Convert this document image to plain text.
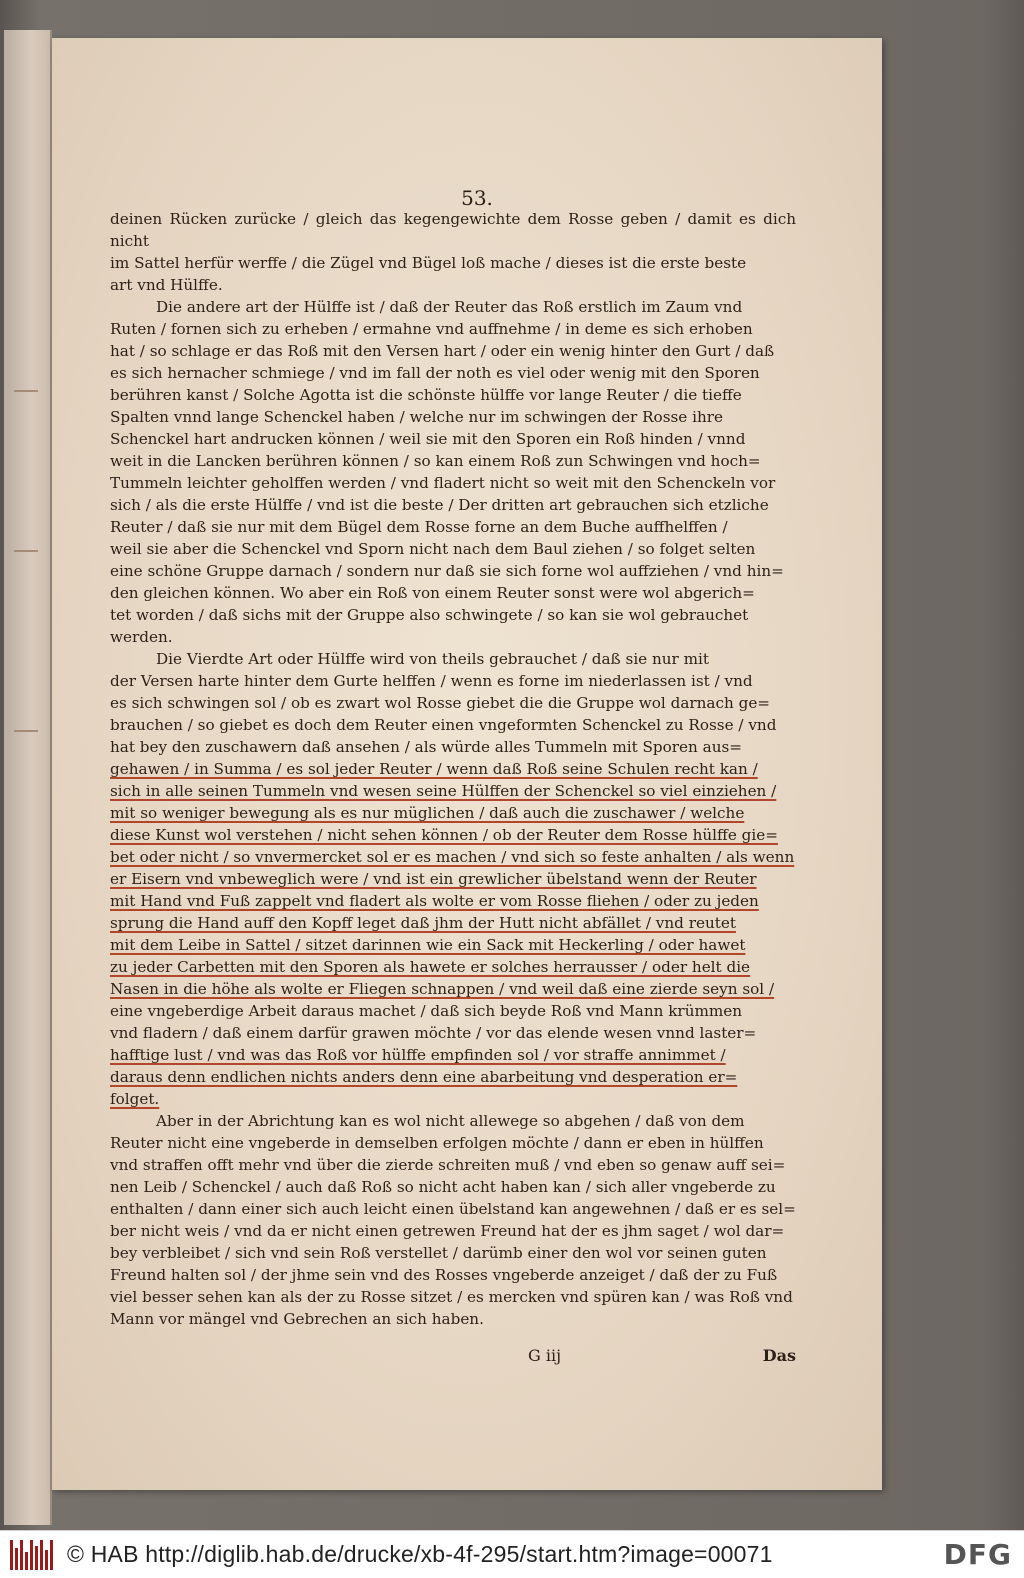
53.

deinen Rücken zurücke / gleich das kegengewichte dem Rosse geben / damit es dich nicht

im Sattel herfür werffe / die Zügel vnd Bügel loß mache / dieses ist die erste beste

art vnd Hülffe.

Die andere art der Hülffe ist / daß der Reuter das Roß erstlich im Zaum vnd

Ruten / fornen sich zu erheben / ermahne vnd auffnehme / in deme es sich erhoben

hat / so schlage er das Roß mit den Versen hart / oder ein wenig hinter den Gurt / daß

es sich hernacher schmiege / vnd im fall der noth es viel oder wenig mit den Sporen

berühren kanst / Solche Agotta ist die schönste hülffe vor lange Reuter / die tieffe

Spalten vnnd lange Schenckel haben / welche nur im schwingen der Rosse ihre

Schenckel hart andrucken können / weil sie mit den Sporen ein Roß hinden / vnnd

weit in die Lancken berühren können / so kan einem Roß zun Schwingen vnd hoch=

Tummeln leichter geholffen werden / vnd fladert nicht so weit mit den Schenckeln vor

sich / als die erste Hülffe / vnd ist die beste / Der dritten art gebrauchen sich etzliche

Reuter / daß sie nur mit dem Bügel dem Rosse forne an dem Buche auffhelffen /

weil sie aber die Schenckel vnd Sporn nicht nach dem Baul ziehen / so folget selten

eine schöne Gruppe darnach / sondern nur daß sie sich forne wol auffziehen / vnd hin=

den gleichen können. Wo aber ein Roß von einem Reuter sonst were wol abgerich=

tet worden / daß sichs mit der Gruppe also schwingete / so kan sie wol gebrauchet

werden.

Die Vierdte Art oder Hülffe wird von theils gebrauchet / daß sie nur mit

der Versen harte hinter dem Gurte helffen / wenn es forne im niederlassen ist / vnd

es sich schwingen sol / ob es zwart wol Rosse giebet die die Gruppe wol darnach ge=

brauchen / so giebet es doch dem Reuter einen vngeformten Schenckel zu Rosse / vnd

hat bey den zuschawern daß ansehen / als würde alles Tummeln mit Sporen aus=

gehawen / in Summa / es sol jeder Reuter / wenn daß Roß seine Schulen recht kan /

sich in alle seinen Tummeln vnd wesen seine Hülffen der Schenckel so viel einziehen /

mit so weniger bewegung als es nur müglichen / daß auch die zuschawer / welche

diese Kunst wol verstehen / nicht sehen können / ob der Reuter dem Rosse hülffe gie=

bet oder nicht / so vnvermercket sol er es machen / vnd sich so feste anhalten / als wenn

er Eisern vnd vnbeweglich were / vnd ist ein grewlicher übelstand wenn der Reuter

mit Hand vnd Fuß zappelt vnd fladert als wolte er vom Rosse fliehen / oder zu jeden

sprung die Hand auff den Kopff leget daß jhm der Hutt nicht abfället / vnd reutet

mit dem Leibe in Sattel / sitzet darinnen wie ein Sack mit Heckerling / oder hawet

zu jeder Carbetten mit den Sporen als hawete er solches herrausser / oder helt die

Nasen in die höhe als wolte er Fliegen schnappen / vnd weil daß eine zierde seyn sol /

eine vngeberdige Arbeit daraus machet / daß sich beyde Roß vnd Mann krümmen

vnd fladern / daß einem darfür grawen möchte / vor das elende wesen vnnd laster=

hafftige lust / vnd was das Roß vor hülffe empfinden sol / vor straffe annimmet /

daraus denn endlichen nichts anders denn eine abarbeitung vnd desperation er=

folget.

Aber in der Abrichtung kan es wol nicht allewege so abgehen / daß von dem

Reuter nicht eine vngeberde in demselben erfolgen möchte / dann er eben in hülffen

vnd straffen offt mehr vnd über die zierde schreiten muß / vnd eben so genaw auff sei=

nen Leib / Schenckel / auch daß Roß so nicht acht haben kan / sich aller vngeberde zu

enthalten / dann einer sich auch leicht einen übelstand kan angewehnen / daß er es sel=

ber nicht weis / vnd da er nicht einen getrewen Freund hat der es jhm saget / wol dar=

bey verbleibet / sich vnd sein Roß verstellet / darümb einer den wol vor seinen guten

Freund halten sol / der jhme sein vnd des Rosses vngeberde anzeiget / daß der zu Fuß

viel besser sehen kan als der zu Rosse sitzet / es mercken vnd spüren kan / was Roß vnd

Mann vor mängel vnd Gebrechen an sich haben.

G iij	Das
© HAB http://diglib.hab.de/drucke/xb-4f-295/start.htm?image=00071	DFG
